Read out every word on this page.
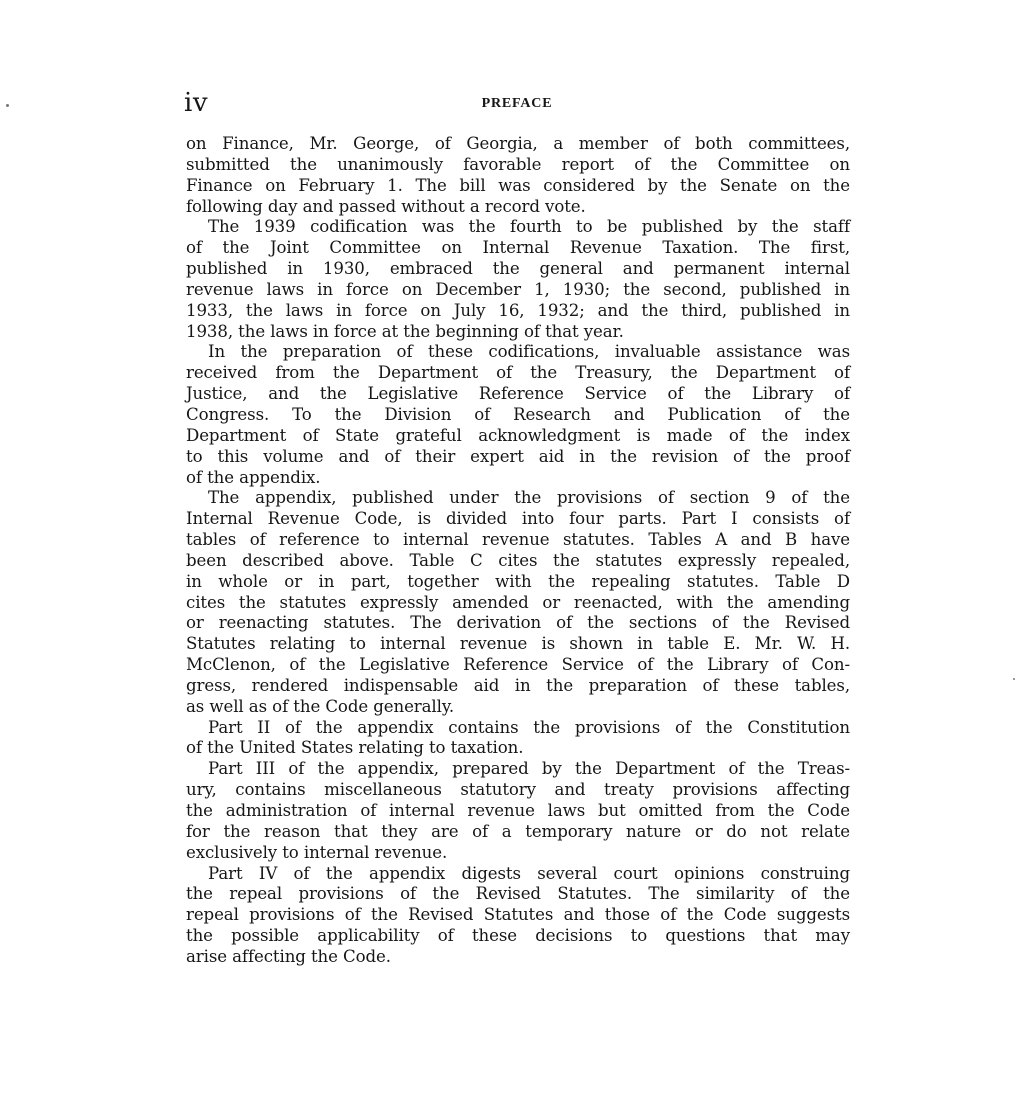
iv	PREFACE

on Finance, Mr. George, of Georgia, a member of both committees,
submitted the unanimously favorable report of the Committee on
Finance on February 1. The bill was considered by the Senate on the
following day and passed without a record vote.

The 1939 codification was the fourth to be published by the staff
of the Joint Committee on Internal Revenue Taxation. The first,
published in 1930, embraced the general and permanent internal
revenue laws in force on December 1, 1930; the second, published in
1933, the laws in force on July 16, 1932; and the third, published in
1938, the laws in force at the beginning of that year.

In the preparation of these codifications, invaluable assistance was
received from the Department of the Treasury, the Department of
Justice, and the Legislative Reference Service of the Library of
Congress. To the Division of Research and Publication of the
Department of State grateful acknowledgment is made of the index
to this volume and of their expert aid in the revision of the proof
of the appendix.

The appendix, published under the provisions of section 9 of the
Internal Revenue Code, is divided into four parts. Part I consists of
tables of reference to internal revenue statutes. Tables A and B have
been described above. Table C cites the statutes expressly repealed,
in whole or in part, together with the repealing statutes. Table D
cites the statutes expressly amended or reenacted, with the amending
or reenacting statutes. The derivation of the sections of the Revised
Statutes relating to internal revenue is shown in table E. Mr. W. H.
McClenon, of the Legislative Reference Service of the Library of Con-
gress, rendered indispensable aid in the preparation of these tables,
as well as of the Code generally.

Part II of the appendix contains the provisions of the Constitution
of the United States relating to taxation.

Part III of the appendix, prepared by the Department of the Treas-
ury, contains miscellaneous statutory and treaty provisions affecting
the administration of internal revenue laws but omitted from the Code
for the reason that they are of a temporary nature or do not relate
exclusively to internal revenue.

Part IV of the appendix digests several court opinions construing
the repeal provisions of the Revised Statutes. The similarity of the
repeal provisions of the Revised Statutes and those of the Code suggests
the possible applicability of these decisions to questions that may
arise affecting the Code.
